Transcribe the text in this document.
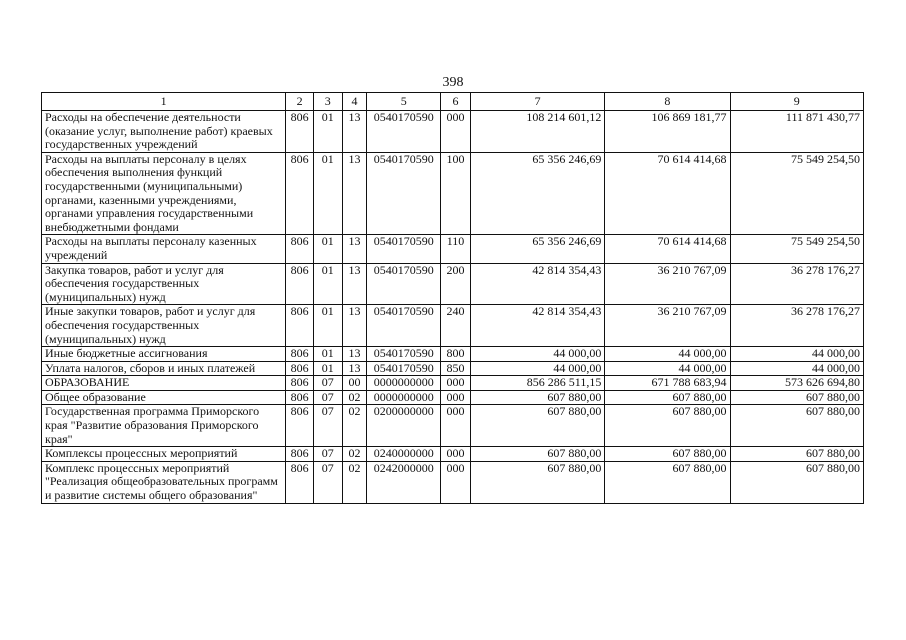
398
1	2	3	4	5	6	7	8	9
Расходы на обеспечение деятельности (оказание услуг, выполнение работ) краевых государственных учреждений	806	01	13	0540170590	000	108 214 601,12	106 869 181,77	111 871 430,77
Расходы на выплаты персоналу в целях обеспечения выполнения функций государственными (муниципальными) органами, казенными учреждениями, органами управления государственными внебюджетными фондами	806	01	13	0540170590	100	65 356 246,69	70 614 414,68	75 549 254,50
Расходы на выплаты персоналу казенных учреждений	806	01	13	0540170590	110	65 356 246,69	70 614 414,68	75 549 254,50
Закупка товаров, работ и услуг для обеспечения государственных (муниципальных) нужд	806	01	13	0540170590	200	42 814 354,43	36 210 767,09	36 278 176,27
Иные закупки товаров, работ и услуг для обеспечения государственных (муниципальных) нужд	806	01	13	0540170590	240	42 814 354,43	36 210 767,09	36 278 176,27
Иные бюджетные ассигнования	806	01	13	0540170590	800	44 000,00	44 000,00	44 000,00
Уплата налогов, сборов и иных платежей	806	01	13	0540170590	850	44 000,00	44 000,00	44 000,00
ОБРАЗОВАНИЕ	806	07	00	0000000000	000	856 286 511,15	671 788 683,94	573 626 694,80
Общее образование	806	07	02	0000000000	000	607 880,00	607 880,00	607 880,00
Государственная программа Приморского края "Развитие образования Приморского края"	806	07	02	0200000000	000	607 880,00	607 880,00	607 880,00
Комплексы процессных мероприятий	806	07	02	0240000000	000	607 880,00	607 880,00	607 880,00
Комплекс процессных мероприятий "Реализация общеобразовательных программ и развитие системы общего образования"	806	07	02	0242000000	000	607 880,00	607 880,00	607 880,00
